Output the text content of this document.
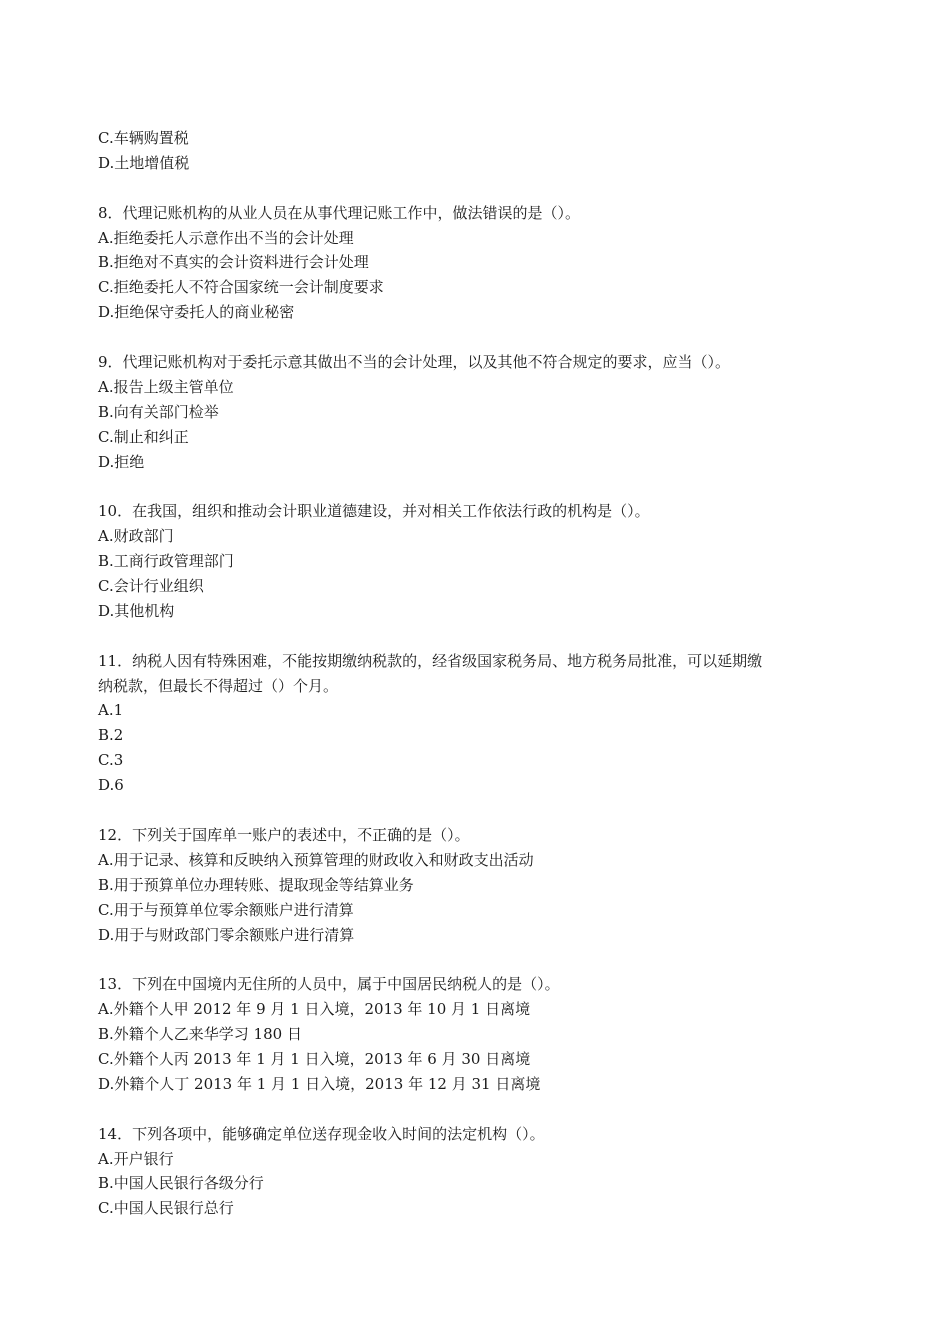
C.车辆购置税
D.土地增值税
8．代理记账机构的从业人员在从事代理记账工作中，做法错误的是（）。
A.拒绝委托人示意作出不当的会计处理
B.拒绝对不真实的会计资料进行会计处理
C.拒绝委托人不符合国家统一会计制度要求
D.拒绝保守委托人的商业秘密
9．代理记账机构对于委托示意其做出不当的会计处理，以及其他不符合规定的要求，应当（）。
A.报告上级主管单位
B.向有关部门检举
C.制止和纠正
D.拒绝
10．在我国，组织和推动会计职业道德建设，并对相关工作依法行政的机构是（）。
A.财政部门
B.工商行政管理部门
C.会计行业组织
D.其他机构
11．纳税人因有特殊困难，不能按期缴纳税款的，经省级国家税务局、地方税务局批准，可以延期缴
纳税款，但最长不得超过（）个月。
A.1
B.2
C.3
D.6
12．下列关于国库单一账户的表述中，不正确的是（）。
A.用于记录、核算和反映纳入预算管理的财政收入和财政支出活动
B.用于预算单位办理转账、提取现金等结算业务
C.用于与预算单位零余额账户进行清算
D.用于与财政部门零余额账户进行清算
13．下列在中国境内无住所的人员中，属于中国居民纳税人的是（）。
A.外籍个人甲 2012 年 9 月 1 日入境，2013 年 10 月 1 日离境
B.外籍个人乙来华学习 180 日
C.外籍个人丙 2013 年 1 月 1 日入境，2013 年 6 月 30 日离境
D.外籍个人丁 2013 年 1 月 1 日入境，2013 年 12 月 31 日离境
14．下列各项中，能够确定单位送存现金收入时间的法定机构（）。
A.开户银行
B.中国人民银行各级分行
C.中国人民银行总行
